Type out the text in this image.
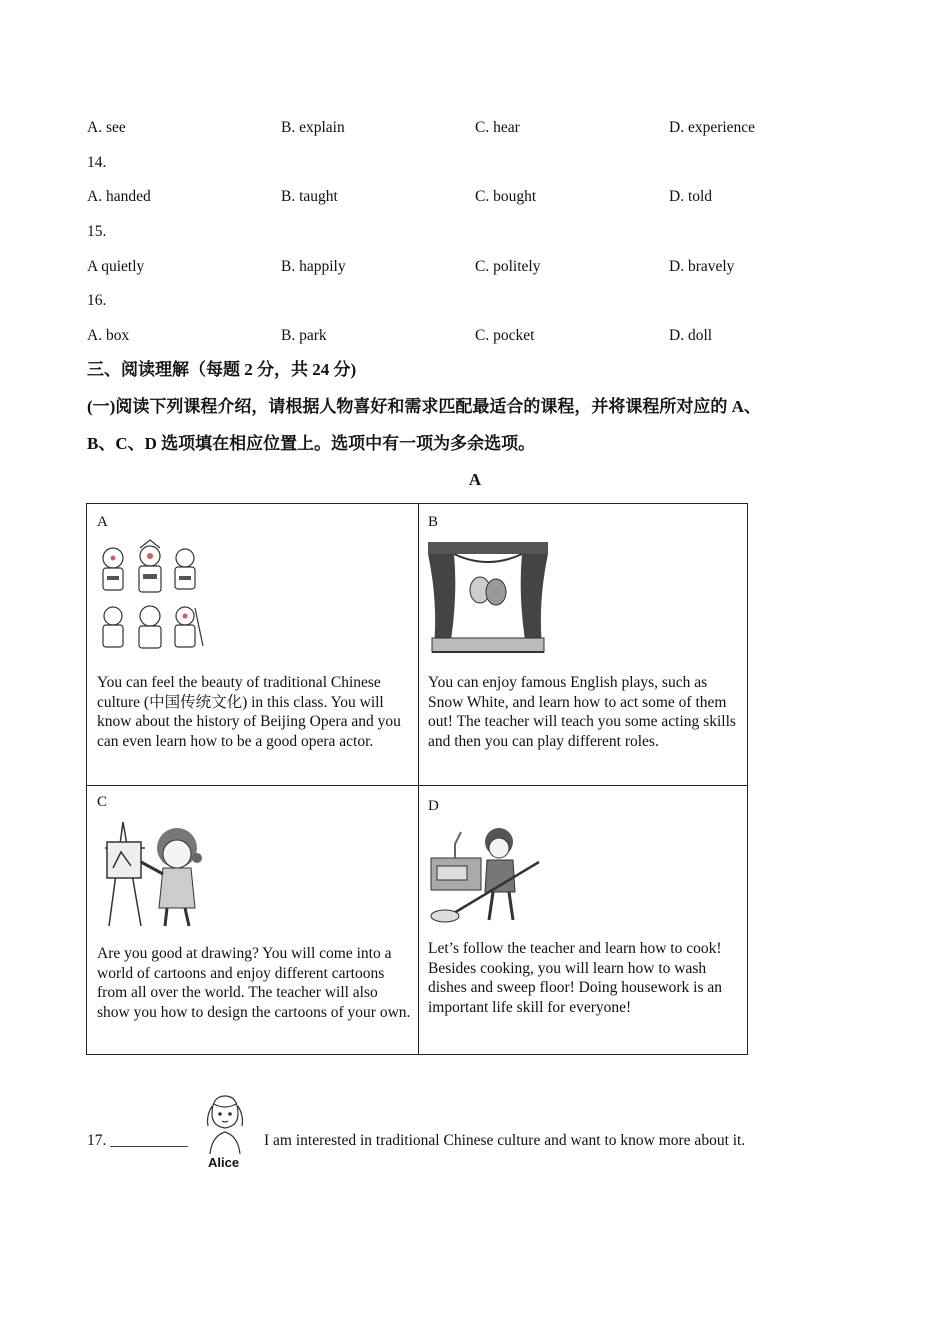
A. see	B. explain	C. hear	D. experience
14.
A. handed	B. taught	C. bought	D. told
15.
A quietly	B. happily	C. politely	D. bravely
16.
A. box	B. park	C. pocket	D. doll
三、阅读理解（每题 2 分，共 24 分)
(一)阅读下列课程介绍，请根据人物喜好和需求匹配最适合的课程，并将课程所对应的 A、
B、C、D 选项填在相应位置上。选项中有一项为多余选项。
A
A
You can feel the beauty of traditional Chinese culture (中国传统文化) in this class. You will know about the history of Beijing Opera and you can even learn how to be a good opera actor.
B
You can enjoy famous English plays, such as Snow White, and learn how to act some of them out! The teacher will teach you some acting skills and then you can play different roles.
C
Are you good at drawing? You will come into a world of cartoons and enjoy different cartoons from all over the world. The teacher will also show you how to design the cartoons of your own.
D
Let’s follow the teacher and learn how to cook! Besides cooking, you will learn how to wash dishes and sweep floor! Doing housework is an important life skill for everyone!
17. __________
Alice
I am interested in traditional Chinese culture and want to know more about it.
